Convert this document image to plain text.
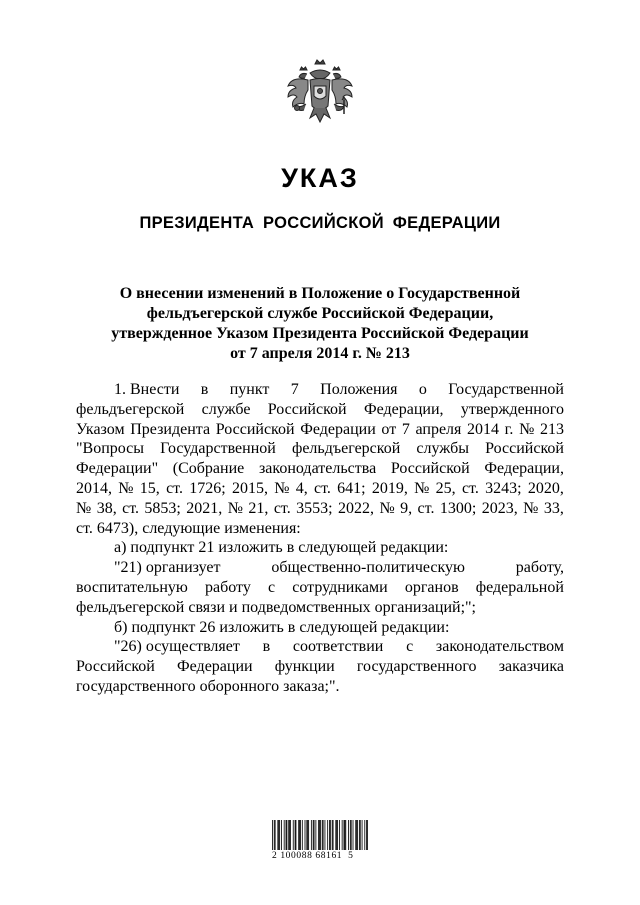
УКАЗ
ПРЕЗИДЕНТА РОССИЙСКОЙ ФЕДЕРАЦИИ
О внесении изменений в Положение о Государственной
фельдъегерской службе Российской Федерации,
утвержденное Указом Президента Российской Федерации
от 7 апреля 2014 г. № 213
1. Внести в пункт 7 Положения о Государственной
фельдъегерской службе Российской Федерации, утвержденного
Указом Президента Российской Федерации от 7 апреля 2014 г. № 213
"Вопросы Государственной фельдъегерской службы Российской
Федерации" (Собрание законодательства Российской Федерации,
2014, № 15, ст. 1726; 2015, № 4, ст. 641; 2019, № 25, ст. 3243; 2020,
№ 38, ст. 5853; 2021, № 21, ст. 3553; 2022, № 9, ст. 1300; 2023, № 33,
ст. 6473), следующие изменения:
а) подпункт 21 изложить в следующей редакции:
"21) организует	общественно-политическую	работу,
воспитательную работу с сотрудниками органов федеральной
фельдъегерской связи и подведомственных организаций;";
б) подпункт 26 изложить в следующей редакции:
"26) осуществляет в соответствии с законодательством
Российской Федерации функции государственного заказчика
государственного оборонного заказа;".
2 100088 68161  5
